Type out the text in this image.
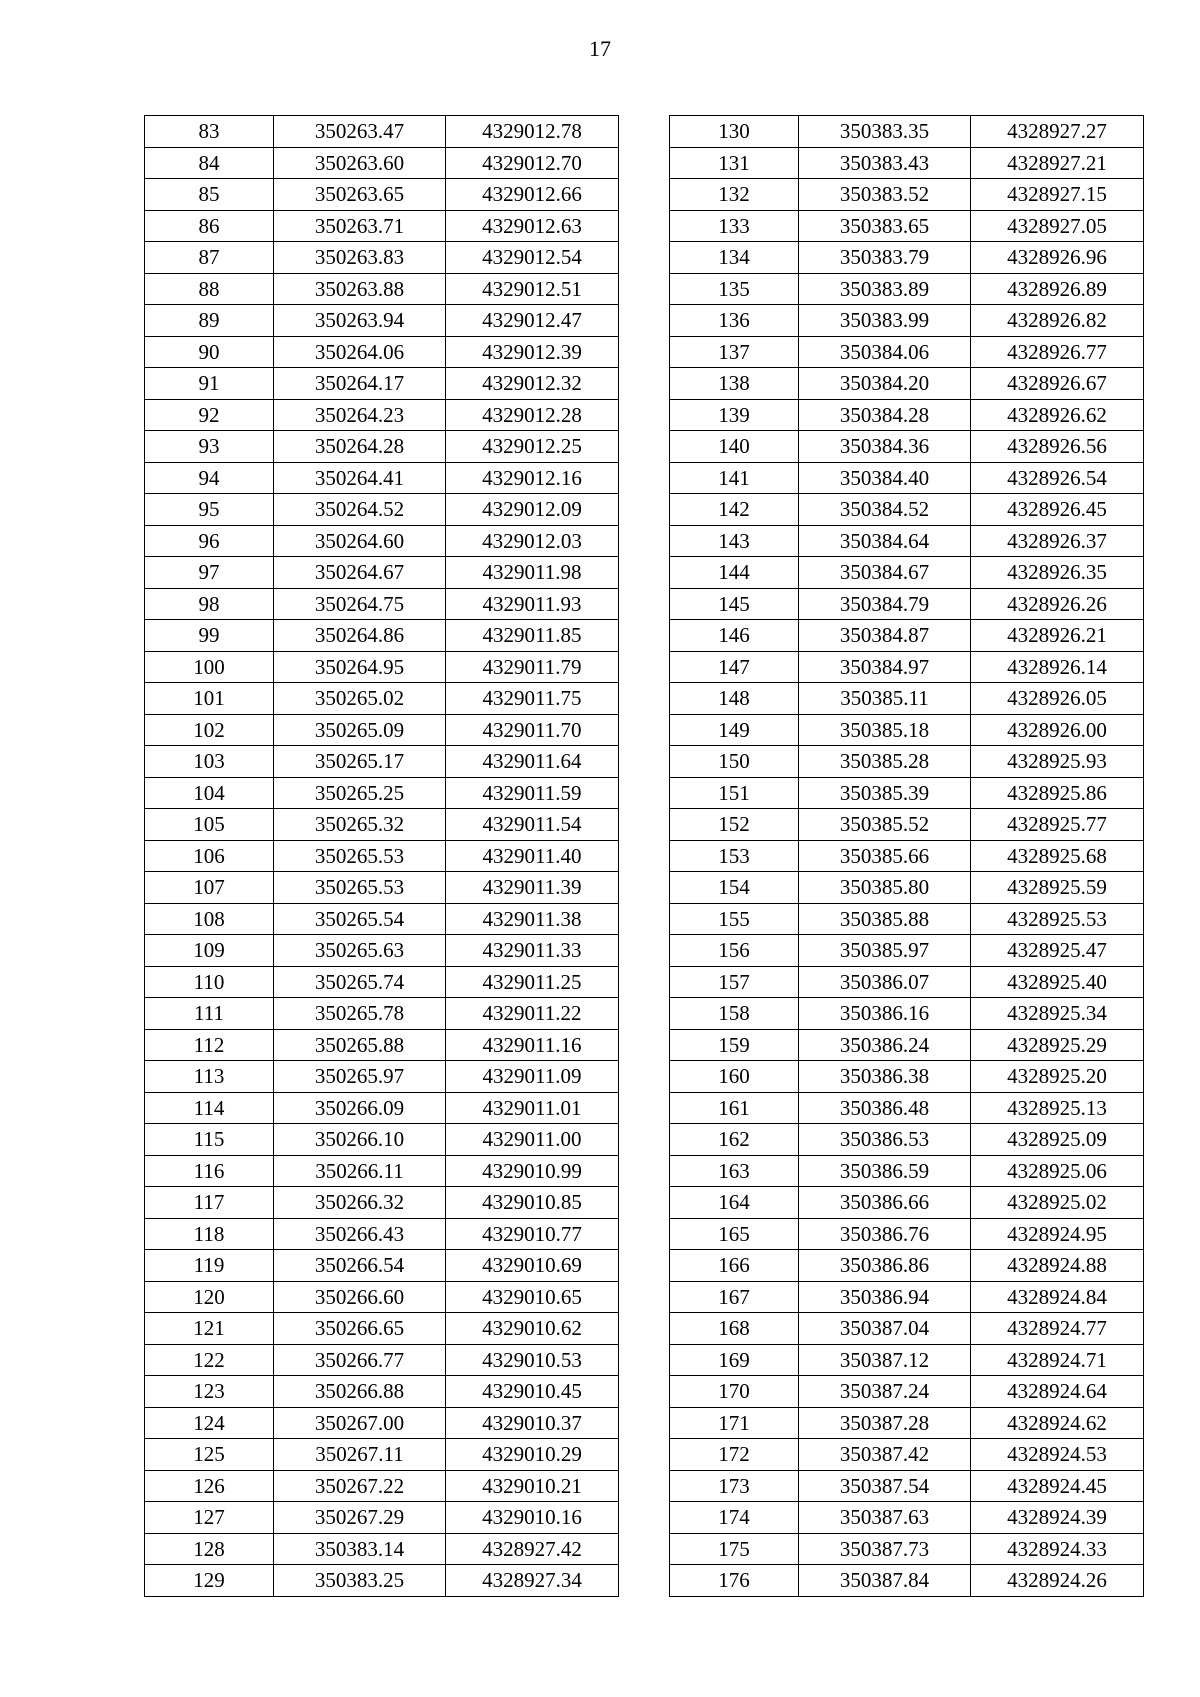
17
83	350263.47	4329012.78
84	350263.60	4329012.70
85	350263.65	4329012.66
86	350263.71	4329012.63
87	350263.83	4329012.54
88	350263.88	4329012.51
89	350263.94	4329012.47
90	350264.06	4329012.39
91	350264.17	4329012.32
92	350264.23	4329012.28
93	350264.28	4329012.25
94	350264.41	4329012.16
95	350264.52	4329012.09
96	350264.60	4329012.03
97	350264.67	4329011.98
98	350264.75	4329011.93
99	350264.86	4329011.85
100	350264.95	4329011.79
101	350265.02	4329011.75
102	350265.09	4329011.70
103	350265.17	4329011.64
104	350265.25	4329011.59
105	350265.32	4329011.54
106	350265.53	4329011.40
107	350265.53	4329011.39
108	350265.54	4329011.38
109	350265.63	4329011.33
110	350265.74	4329011.25
111	350265.78	4329011.22
112	350265.88	4329011.16
113	350265.97	4329011.09
114	350266.09	4329011.01
115	350266.10	4329011.00
116	350266.11	4329010.99
117	350266.32	4329010.85
118	350266.43	4329010.77
119	350266.54	4329010.69
120	350266.60	4329010.65
121	350266.65	4329010.62
122	350266.77	4329010.53
123	350266.88	4329010.45
124	350267.00	4329010.37
125	350267.11	4329010.29
126	350267.22	4329010.21
127	350267.29	4329010.16
128	350383.14	4328927.42
129	350383.25	4328927.34
130	350383.35	4328927.27
131	350383.43	4328927.21
132	350383.52	4328927.15
133	350383.65	4328927.05
134	350383.79	4328926.96
135	350383.89	4328926.89
136	350383.99	4328926.82
137	350384.06	4328926.77
138	350384.20	4328926.67
139	350384.28	4328926.62
140	350384.36	4328926.56
141	350384.40	4328926.54
142	350384.52	4328926.45
143	350384.64	4328926.37
144	350384.67	4328926.35
145	350384.79	4328926.26
146	350384.87	4328926.21
147	350384.97	4328926.14
148	350385.11	4328926.05
149	350385.18	4328926.00
150	350385.28	4328925.93
151	350385.39	4328925.86
152	350385.52	4328925.77
153	350385.66	4328925.68
154	350385.80	4328925.59
155	350385.88	4328925.53
156	350385.97	4328925.47
157	350386.07	4328925.40
158	350386.16	4328925.34
159	350386.24	4328925.29
160	350386.38	4328925.20
161	350386.48	4328925.13
162	350386.53	4328925.09
163	350386.59	4328925.06
164	350386.66	4328925.02
165	350386.76	4328924.95
166	350386.86	4328924.88
167	350386.94	4328924.84
168	350387.04	4328924.77
169	350387.12	4328924.71
170	350387.24	4328924.64
171	350387.28	4328924.62
172	350387.42	4328924.53
173	350387.54	4328924.45
174	350387.63	4328924.39
175	350387.73	4328924.33
176	350387.84	4328924.26
